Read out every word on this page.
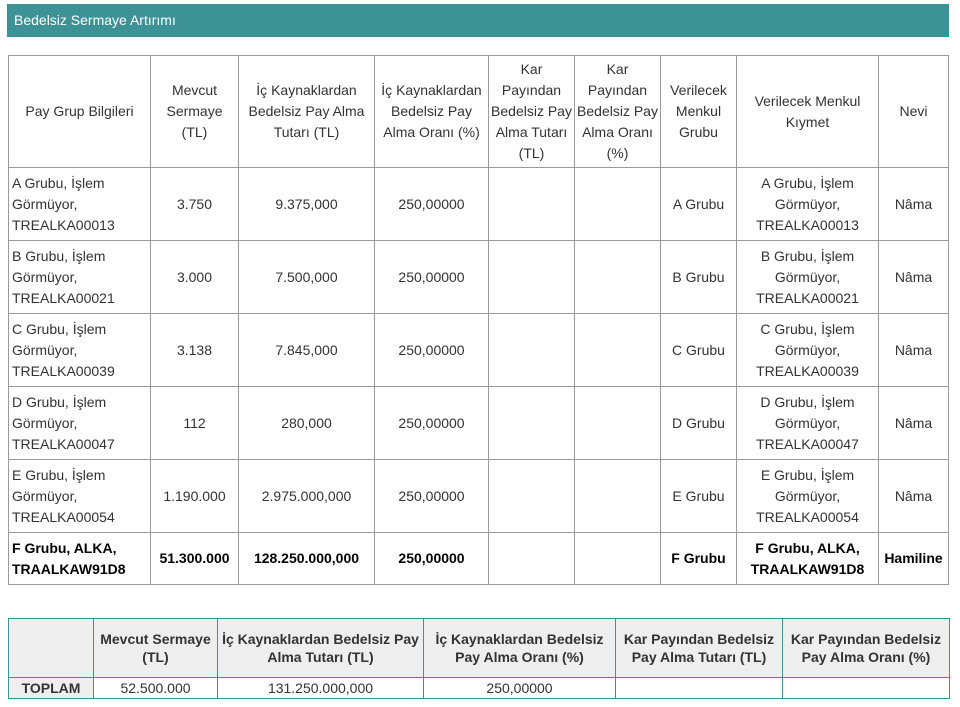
Bedelsiz Sermaye Artırımı
Pay Grup Bilgileri	Mevcut Sermaye (TL)	İç Kaynaklardan Bedelsiz Pay Alma Tutarı (TL)	İç Kaynaklardan Bedelsiz Pay Alma Oranı (%)	Kar Payından Bedelsiz Pay Alma Tutarı (TL)	Kar Payından Bedelsiz Pay Alma Oranı (%)	Verilecek Menkul Grubu	Verilecek Menkul Kıymet	Nevi
A Grubu, İşlem Görmüyor, TREALKA00013	3.750	9.375,000	250,00000			A Grubu	A Grubu, İşlem Görmüyor, TREALKA00013	Nâma
B Grubu, İşlem Görmüyor, TREALKA00021	3.000	7.500,000	250,00000			B Grubu	B Grubu, İşlem Görmüyor, TREALKA00021	Nâma
C Grubu, İşlem Görmüyor, TREALKA00039	3.138	7.845,000	250,00000			C Grubu	C Grubu, İşlem Görmüyor, TREALKA00039	Nâma
D Grubu, İşlem Görmüyor, TREALKA00047	112	280,000	250,00000			D Grubu	D Grubu, İşlem Görmüyor, TREALKA00047	Nâma
E Grubu, İşlem Görmüyor, TREALKA00054	1.190.000	2.975.000,000	250,00000			E Grubu	E Grubu, İşlem Görmüyor, TREALKA00054	Nâma
F Grubu, ALKA, TRAALKAW91D8	51.300.000	128.250.000,000	250,00000			F Grubu	F Grubu, ALKA, TRAALKAW91D8	Hamiline
	Mevcut Sermaye (TL)	İç Kaynaklardan Bedelsiz Pay Alma Tutarı (TL)	İç Kaynaklardan Bedelsiz Pay Alma Oranı (%)	Kar Payından Bedelsiz Pay Alma Tutarı (TL)	Kar Payından Bedelsiz Pay Alma Oranı (%)
TOPLAM	52.500.000	131.250.000,000	250,00000		
